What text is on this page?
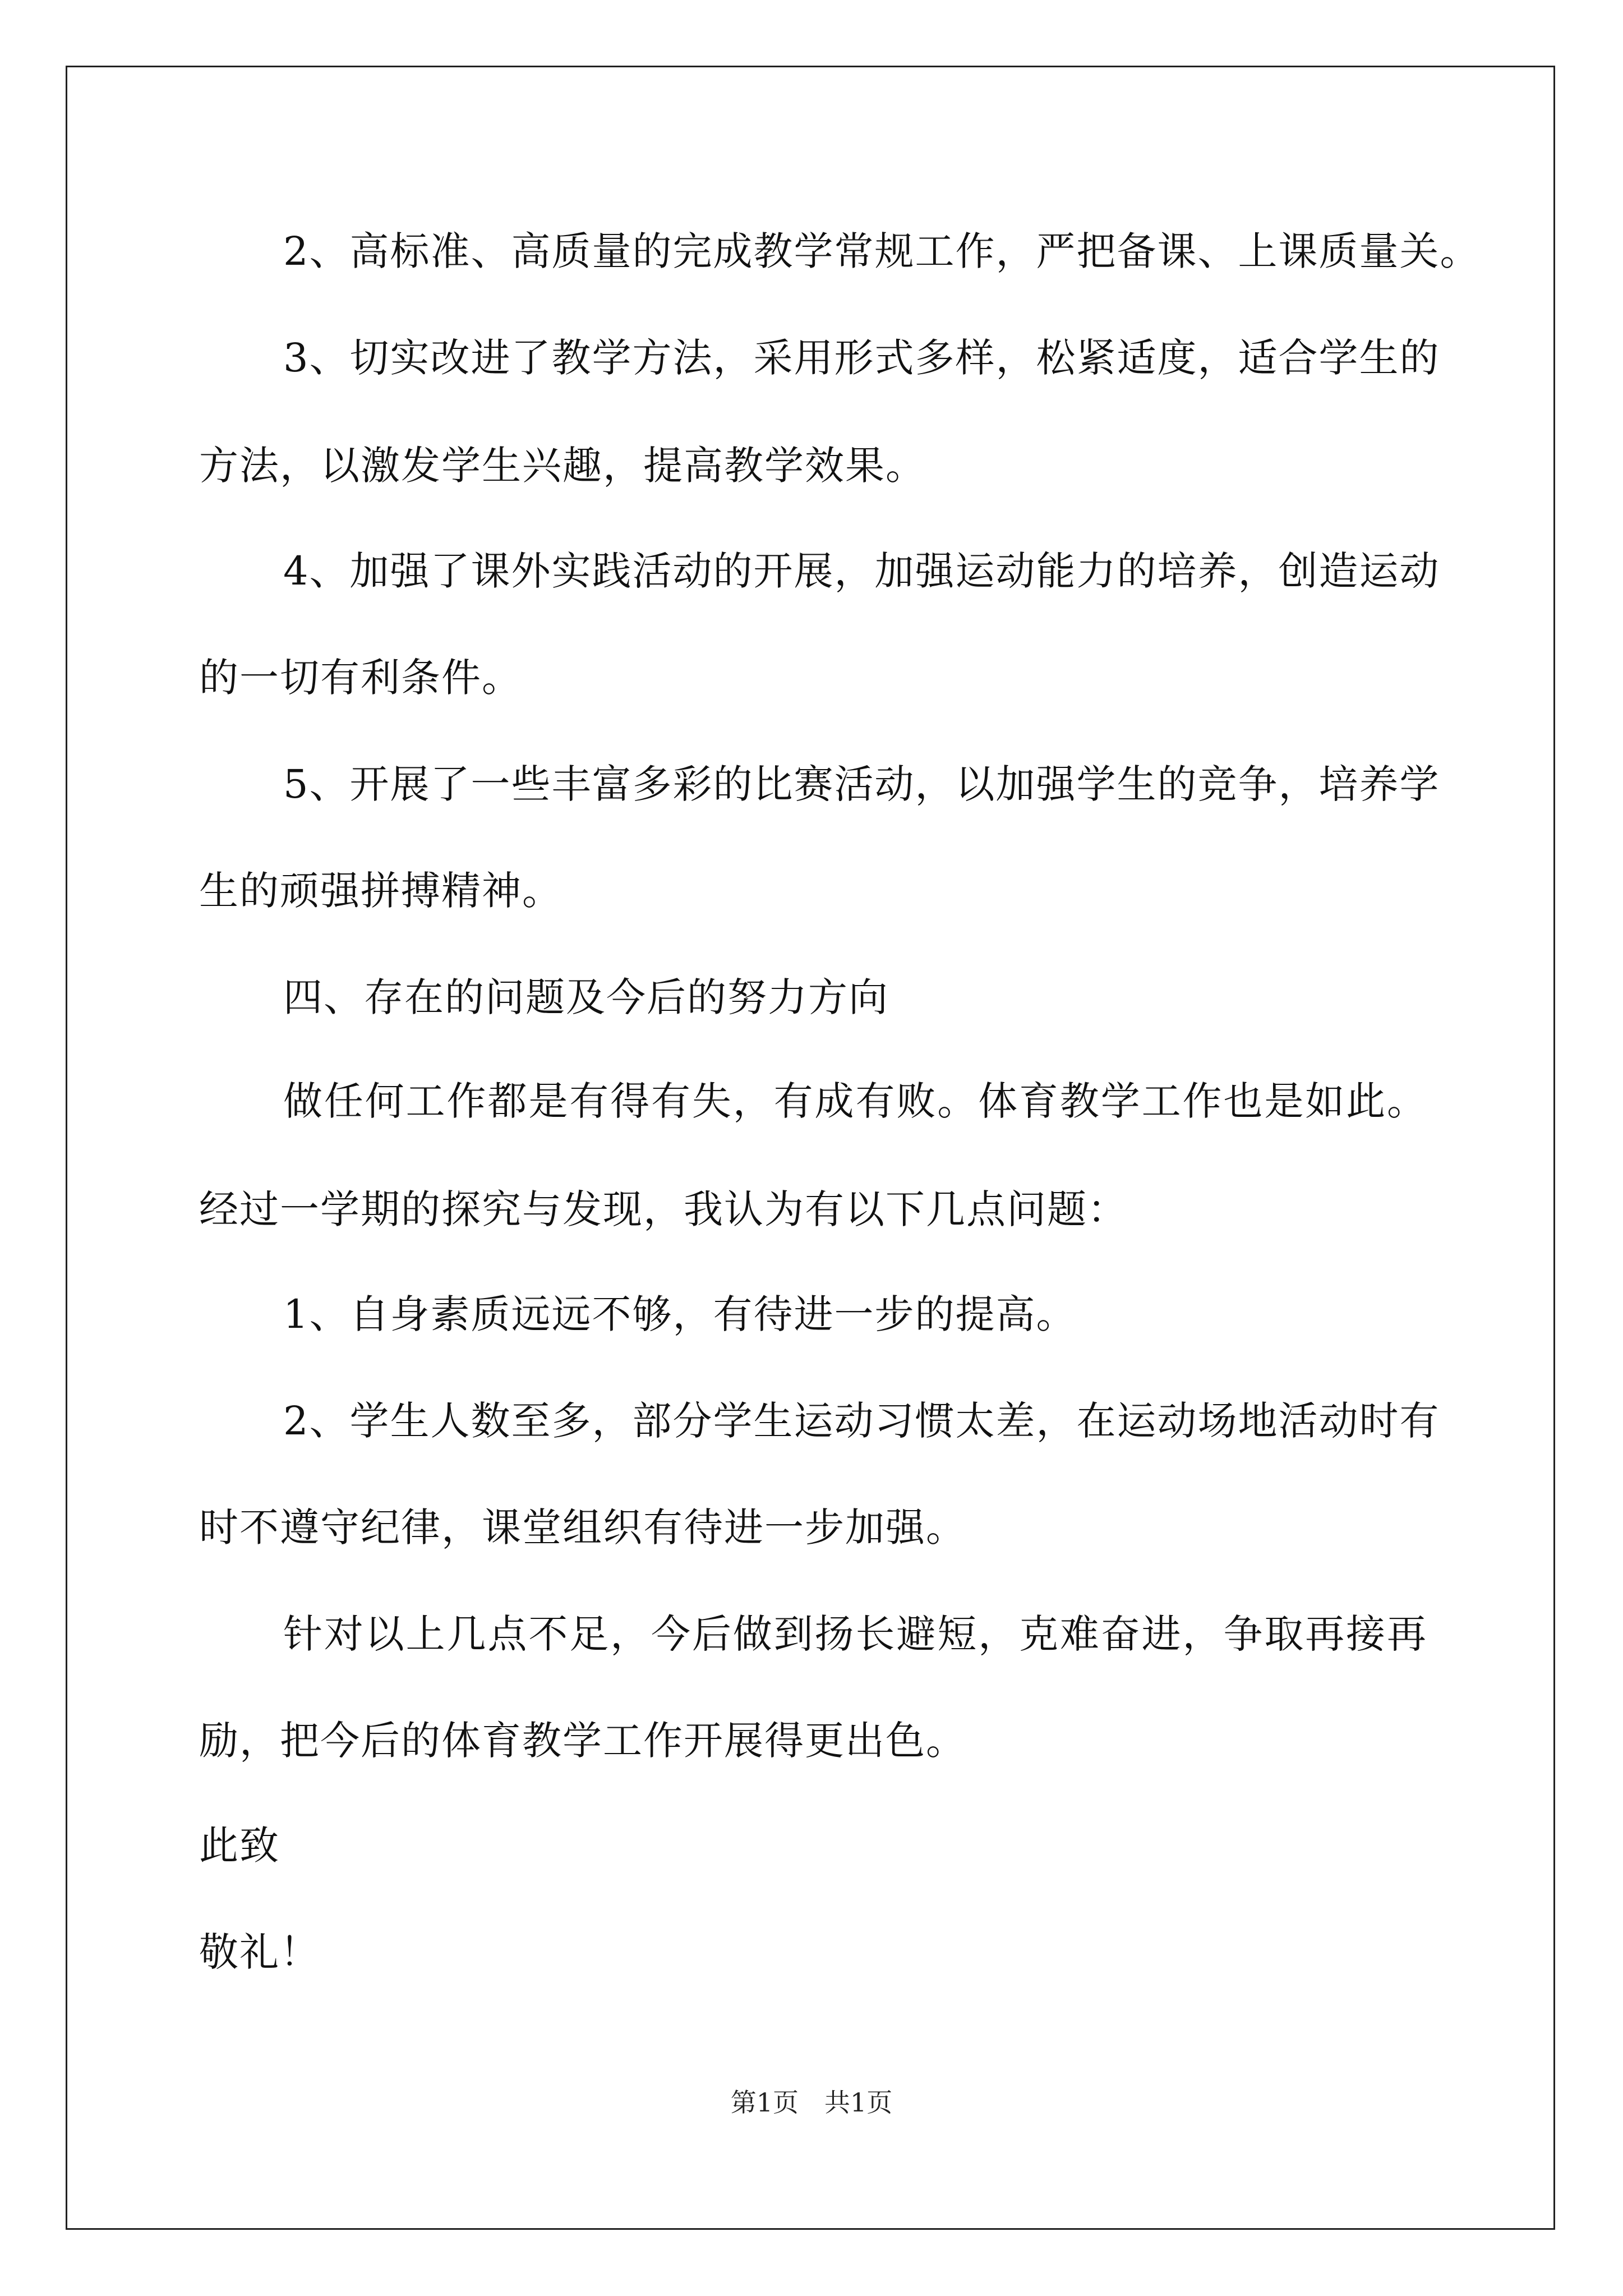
2、高标准、高质量的完成教学常规工作，严把备课、上课质量关。
3、切实改进了教学方法，采用形式多样，松紧适度，适合学生的
方法，以激发学生兴趣，提高教学效果。
4、加强了课外实践活动的开展，加强运动能力的培养，创造运动
的一切有利条件。
5、开展了一些丰富多彩的比赛活动，以加强学生的竞争，培养学
生的顽强拼搏精神。
四、存在的问题及今后的努力方向
做任何工作都是有得有失，有成有败。体育教学工作也是如此。
经过一学期的探究与发现，我认为有以下几点问题：
1、自身素质远远不够，有待进一步的提高。
2、学生人数至多，部分学生运动习惯太差，在运动场地活动时有
时不遵守纪律，课堂组织有待进一步加强。
针对以上几点不足，今后做到扬长避短，克难奋进，争取再接再
励，把今后的体育教学工作开展得更出色。
此致
敬礼！
第1页　共1页
